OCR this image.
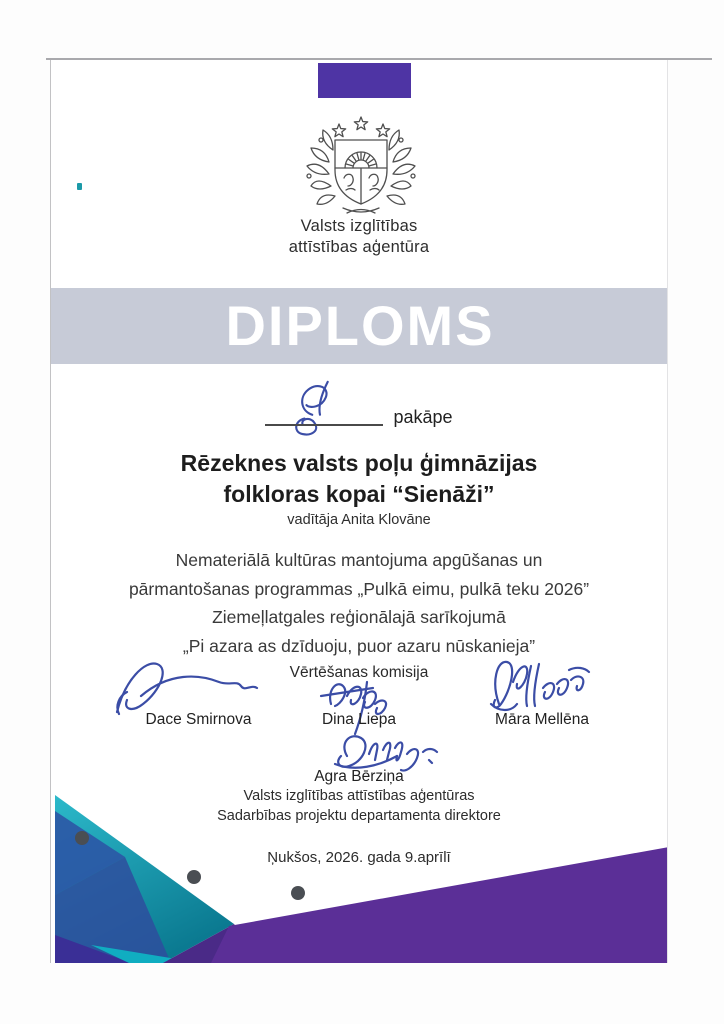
Valsts izglītības
attīstības aģentūra
DIPLOMS
pakāpe
Rēzeknes valsts poļu ģimnāzijas
folkloras kopai “Sienāži”
vadītāja Anita Klovāne
Nemateriālā kultūras mantojuma apgūšanas un
pārmantošanas programmas „Pulkā eimu, pulkā teku 2026”
Ziemeļlatgales reģionālajā sarīkojumā
„Pi azara as dzīduoju, puor azaru nūskanieja”
Vērtēšanas komisija
Dace Smirnova	Dina Liepa	Māra Mellēna
Agra Bērziņa
Valsts izglītības attīstības aģentūras
Sadarbības projektu departamenta direktore
Ņukšos, 2026. gada 9.aprīlī
